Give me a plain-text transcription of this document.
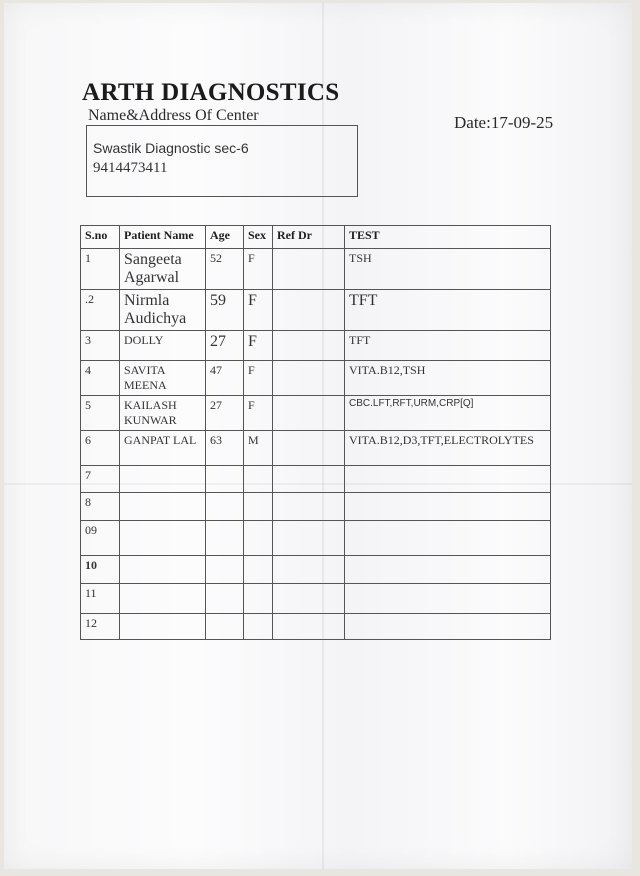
ARTH DIAGNOSTICS
Name&Address Of Center	Date:17-09-25
Swastik Diagnostic sec-6
9414473411
S.no	Patient Name	Age	Sex	Ref Dr	TEST
1	Sangeeta Agarwal	52	F		TSH
.2	Nirmla Audichya	59	F		TFT
3	DOLLY	27	F		TFT
4	SAVITA MEENA	47	F		VITA.B12,TSH
5	KAILASH KUNWAR	27	F		CBC.LFT,RFT,URM,CRP[Q]
6	GANPAT LAL	63	M		VITA.B12,D3,TFT,ELECTROLYTES
7					
8					
09					
10					
11					
12					
